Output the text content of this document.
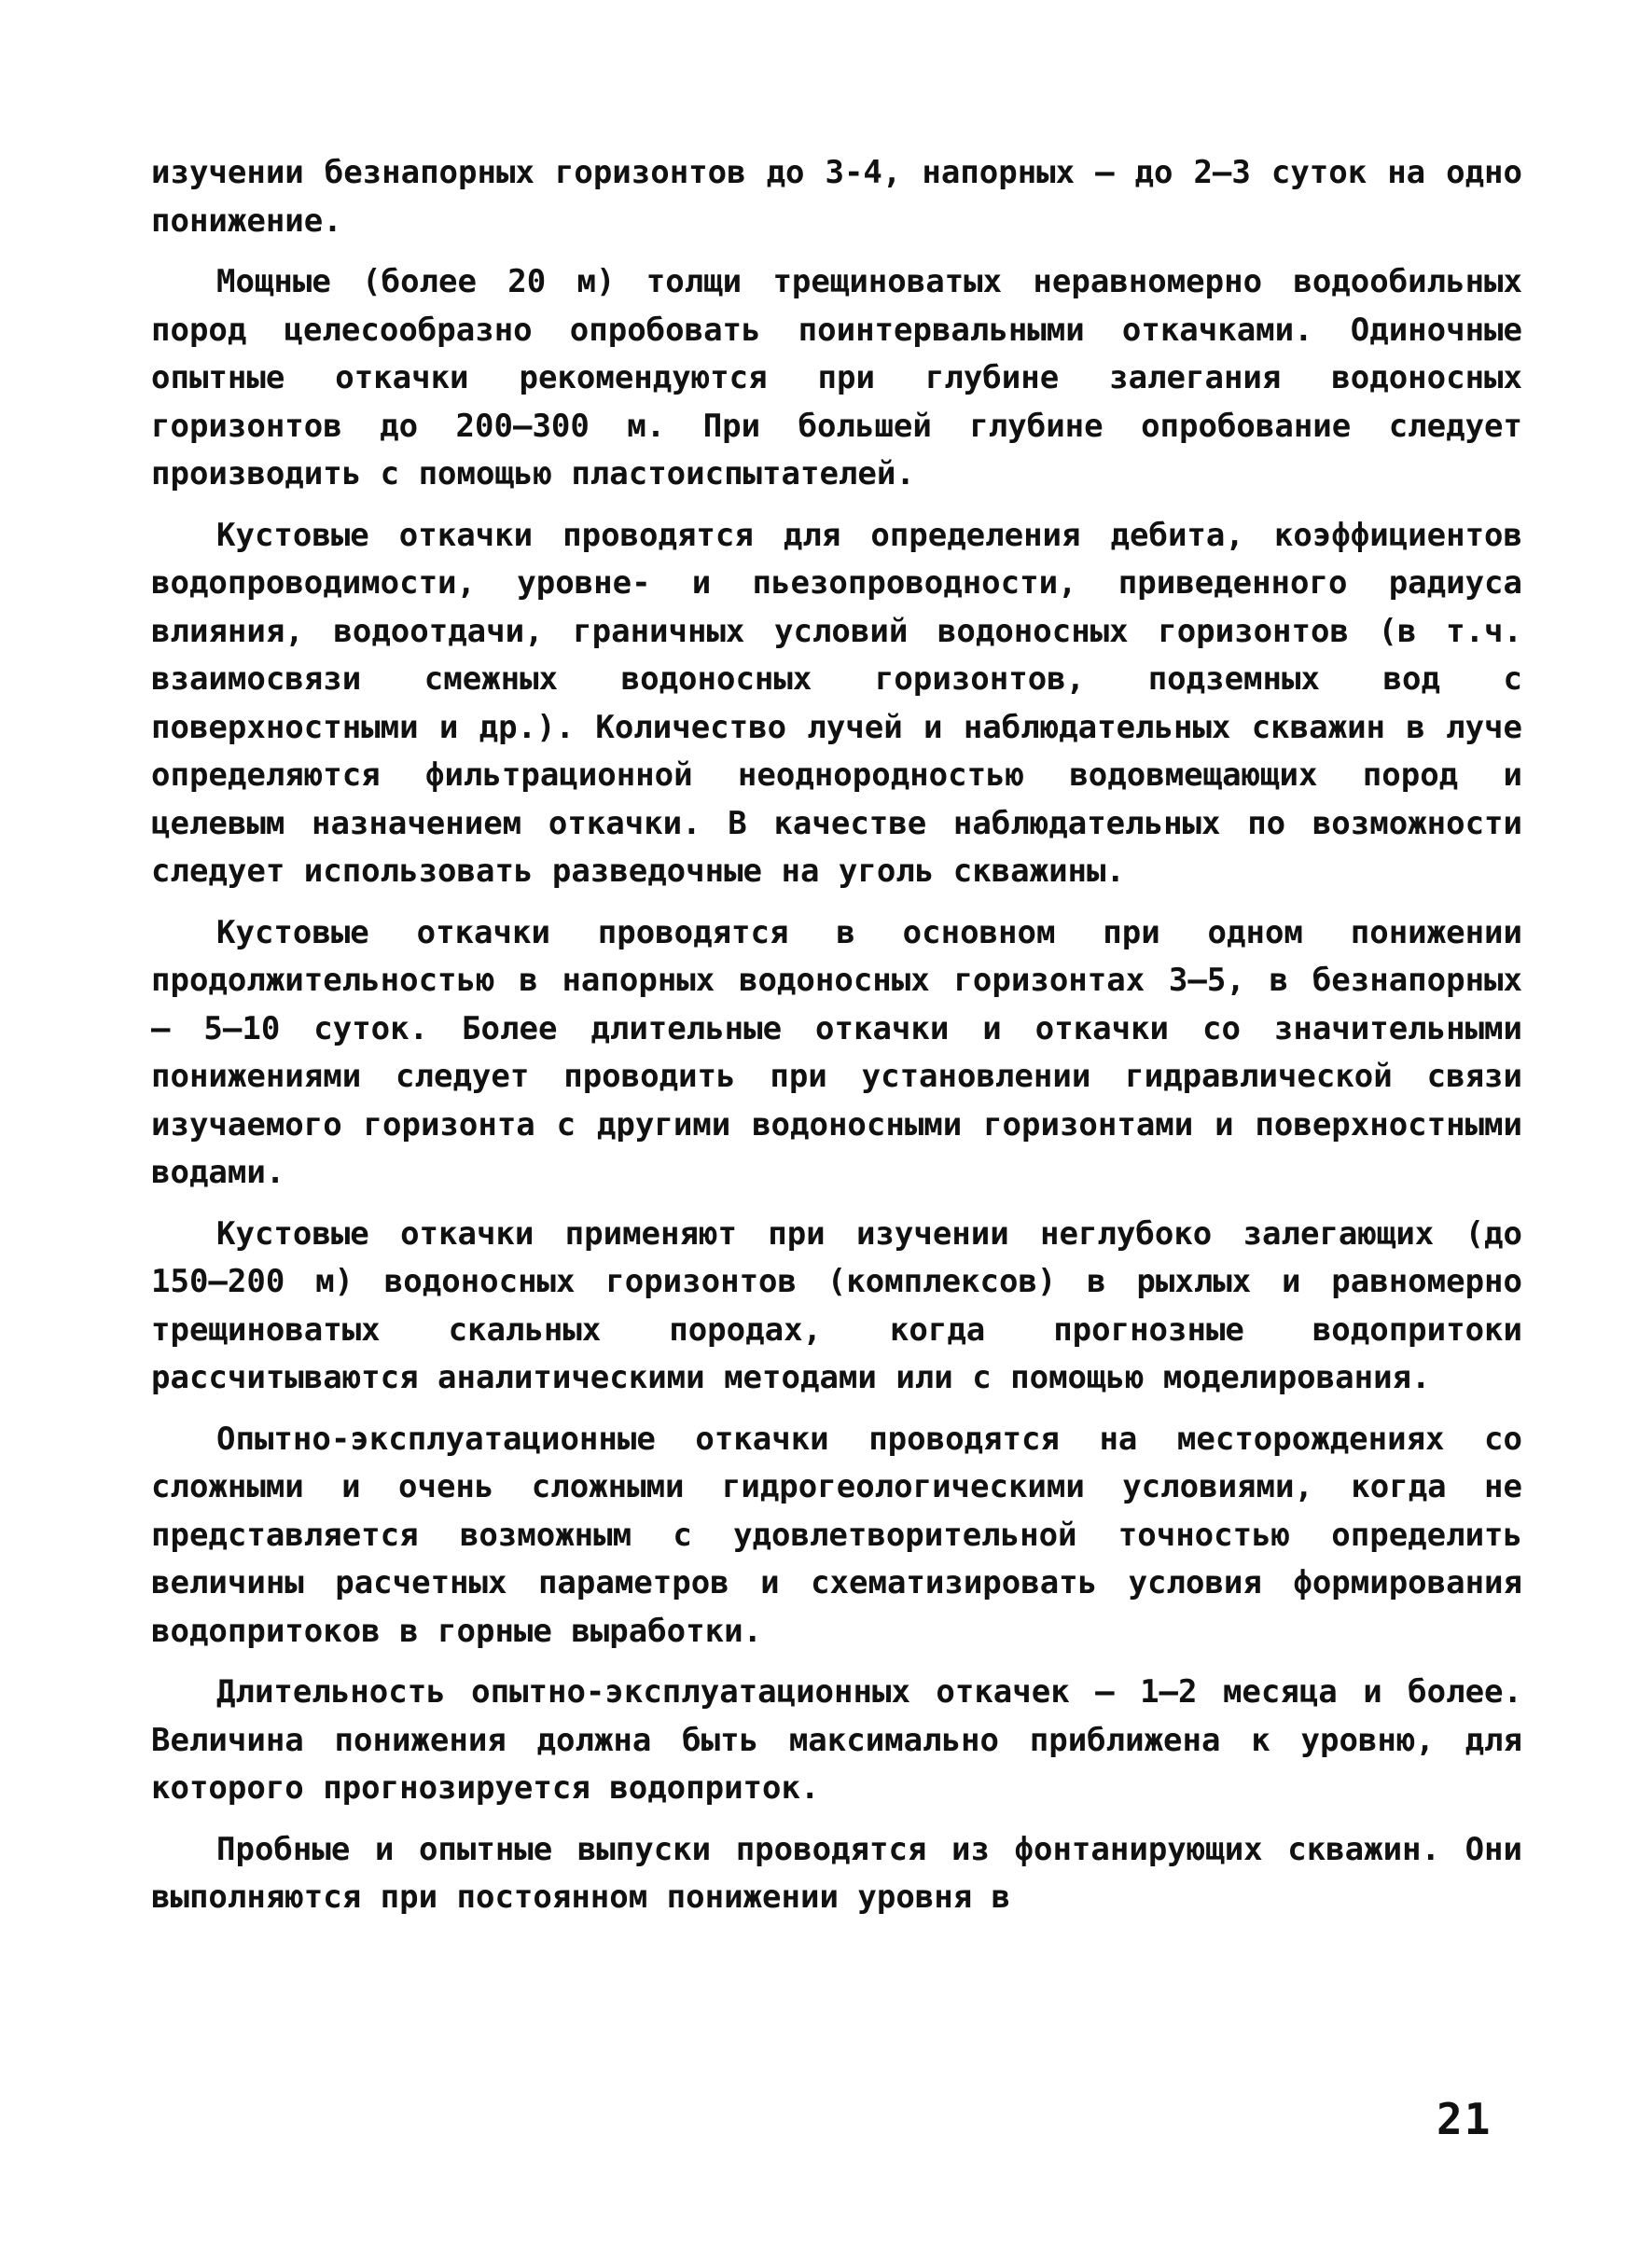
изучении безнапорных горизонтов до 3-4, напорных – до 2–3 суток на одно понижение.

Мощные (более 20 м) толщи трещиноватых неравномерно водообильных пород целесообразно опробовать поинтервальными откачками. Одиночные опытные откачки рекомендуются при глубине залегания водоносных горизонтов до 200–300 м. При большей глубине опробование следует производить с помощью пластоиспытателей.

Кустовые откачки проводятся для определения дебита, коэффициентов водопроводимости, уровне- и пьезопроводности, приведенного радиуса влияния, водоотдачи, граничных условий водоносных горизонтов (в т.ч. взаимосвязи смежных водоносных горизонтов, подземных вод с поверхностными и др.). Количество лучей и наблюдательных скважин в луче определяются фильтрационной неоднородностью водовмещающих пород и целевым назначением откачки. В качестве наблюдательных по возможности следует использовать разведочные на уголь скважины.

Кустовые откачки проводятся в основном при одном понижении продолжительностью в напорных водоносных горизонтах 3–5, в безнапорных – 5–10 суток. Более длительные откачки и откачки со значительными понижениями следует проводить при установлении гидравлической связи изучаемого горизонта с другими водоносными горизонтами и поверхностными водами.

Кустовые откачки применяют при изучении неглубоко залегающих (до 150–200 м) водоносных горизонтов (комплексов) в рыхлых и равномерно трещиноватых скальных породах, когда прогнозные водопритоки рассчитываются аналитическими методами или с помощью моделирования.

Опытно-эксплуатационные откачки проводятся на месторождениях со сложными и очень сложными гидрогеологическими условиями, когда не представляется возможным с удовлетворительной точностью определить величины расчетных параметров и схематизировать условия формирования водопритоков в горные выработки.

Длительность опытно-эксплуатационных откачек – 1–2 месяца и более. Величина понижения должна быть максимально приближена к уровню, для которого прогнозируется водоприток.

Пробные и опытные выпуски проводятся из фонтанирующих скважин. Они выполняются при постоянном понижении уровня в

21
